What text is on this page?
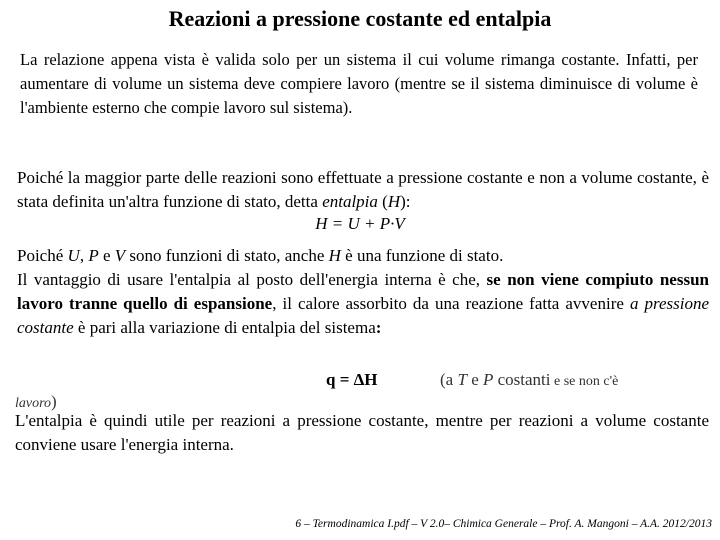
Reazioni a pressione costante ed entalpia

La relazione appena vista è valida solo per un sistema il cui volume rimanga costante. Infatti, per aumentare di volume un sistema deve compiere lavoro (mentre se il sistema diminuisce di volume è l'ambiente esterno che compie lavoro sul sistema).

Poiché la maggior parte delle reazioni sono effettuate a pressione costante e non a volume costante, è stata definita un'altra funzione di stato, detta entalpia (H):

H = U + P·V

Poiché U, P e V sono funzioni di stato, anche H è una funzione di stato.

Il vantaggio di usare l'entalpia al posto dell'energia interna è che, se non viene compiuto nessun lavoro tranne quello di espansione, il calore assorbito da una reazione fatta avvenire a pressione costante è pari alla variazione di entalpia del sistema:

q = ΔH	(a T e P costanti e se non c'è
lavoro)

L'entalpia è quindi utile per reazioni a pressione costante, mentre per reazioni a volume costante conviene usare l'energia interna.

6 – Termodinamica I.pdf – V 2.0– Chimica Generale – Prof. A. Mangoni – A.A. 2012/2013
